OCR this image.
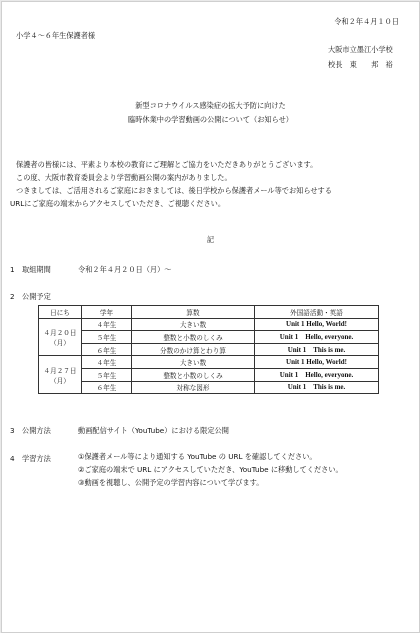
令和２年４月１０日
小学４～６年生保護者様
大阪市立墨江小学校
校長　東　　邦　裕
新型コロナウイルス感染症の拡大予防に向けた
臨時休業中の学習動画の公開について（お知らせ）
保護者の皆様には、平素より本校の教育にご理解とご協力をいただきありがとうございます。
この度、大阪市教育委員会より学習動画公開の案内がありました。
つきましては、ご活用されるご家庭におきましては、後日学校から保護者メール等でお知らせする
URLにご家庭の端末からアクセスしていただき、ご視聴ください。
記
1 取組期間	令和２年４月２０日（月）～
2 公開予定
日にち	学年	算数	外国語活動・英語

４月２０日
（月）	４年生	大きい数	Unit 1 Hello, World!
	５年生	整数と小数のしくみ	Unit 1　Hello, everyone.
	６年生	分数のかけ算とわり算	Unit 1　This is me.

４月２７日
（月）	４年生	大きい数	Unit 1 Hello, World!
	５年生	整数と小数のしくみ	Unit 1　Hello, everyone.
	６年生	対称な図形	Unit 1　This is me.
3 公開方法	動画配信サイト（YouTube）における限定公開
4 学習方法	①保護者メール等により通知する YouTube の URL を確認してください。
②ご家庭の端末で URL にアクセスしていただき、YouTube に移動してください。
③動画を視聴し、公開予定の学習内容について学びます。
